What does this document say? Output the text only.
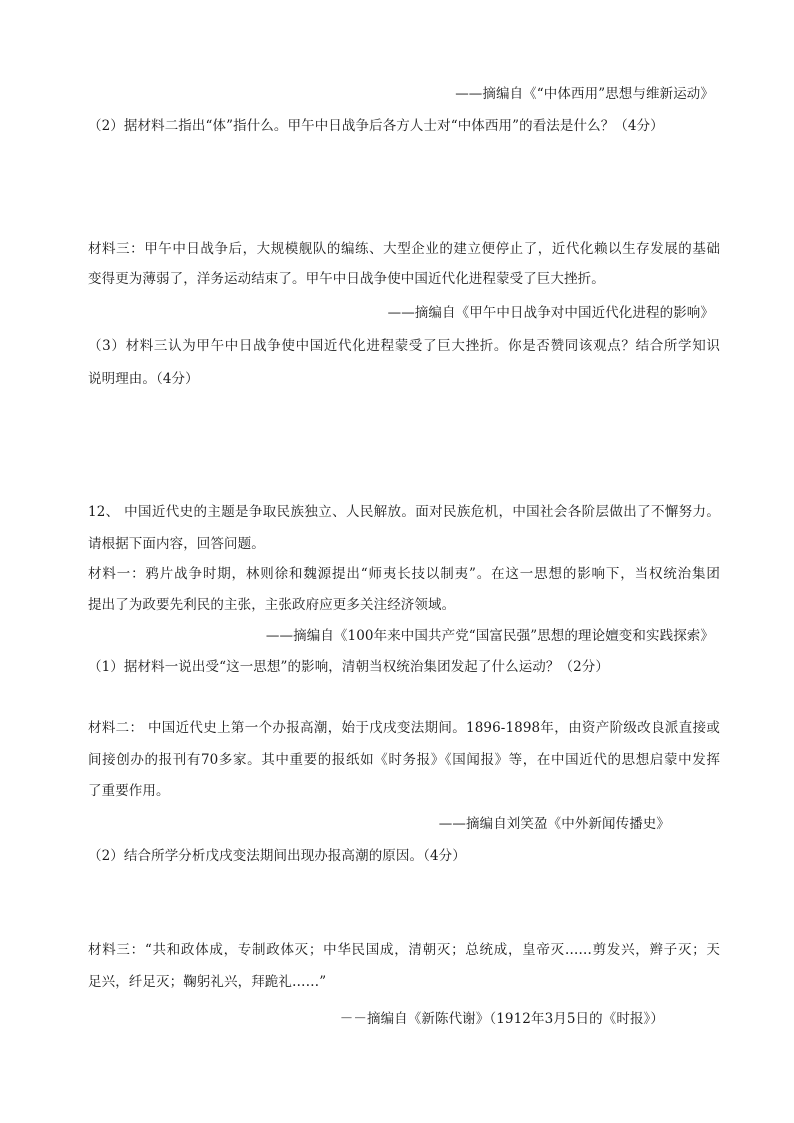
——摘编自《“中体西用”思想与维新运动》
（2）据材料二指出“体”指什么。甲午中日战争后各方人士对“中体西用”的看法是什么？（4分）
材料三：甲午中日战争后，大规模舰队的编练、大型企业的建立便停止了，近代化赖以生存发展的基础
变得更为薄弱了，洋务运动结束了。甲午中日战争使中国近代化进程蒙受了巨大挫折。
——摘编自《甲午中日战争对中国近代化进程的影响》
（3）材料三认为甲午中日战争使中国近代化进程蒙受了巨大挫折。你是否赞同该观点？结合所学知识
说明理由。（4分）
12、 中国近代史的主题是争取民族独立、人民解放。面对民族危机，中国社会各阶层做出了不懈努力。
请根据下面内容，回答问题。
材料一：鸦片战争时期，林则徐和魏源提出“师夷长技以制夷”。在这一思想的影响下，当权统治集团
提出了为政要先利民的主张，主张政府应更多关注经济领域。
——摘编自《100年来中国共产党“国富民强”思想的理论嬗变和实践探索》
（1）据材料一说出受“这一思想”的影响，清朝当权统治集团发起了什么运动？（2分）
材料二： 中国近代史上第一个办报高潮，始于戊戌变法期间。1896-1898年，由资产阶级改良派直接或
间接创办的报刊有70多家。其中重要的报纸如《时务报》《国闻报》等，在中国近代的思想启蒙中发挥
了重要作用。
——摘编自刘笑盈《中外新闻传播史》
（2）结合所学分析戊戌变法期间出现办报高潮的原因。（4分）
材料三：“共和政体成，专制政体灭；中华民国成，清朝灭；总统成，皇帝灭……剪发兴，辫子灭；天
足兴，纤足灭；鞠躬礼兴，拜跪礼……”
－－摘编自《新陈代谢》（1912年3月5日的《时报》）
